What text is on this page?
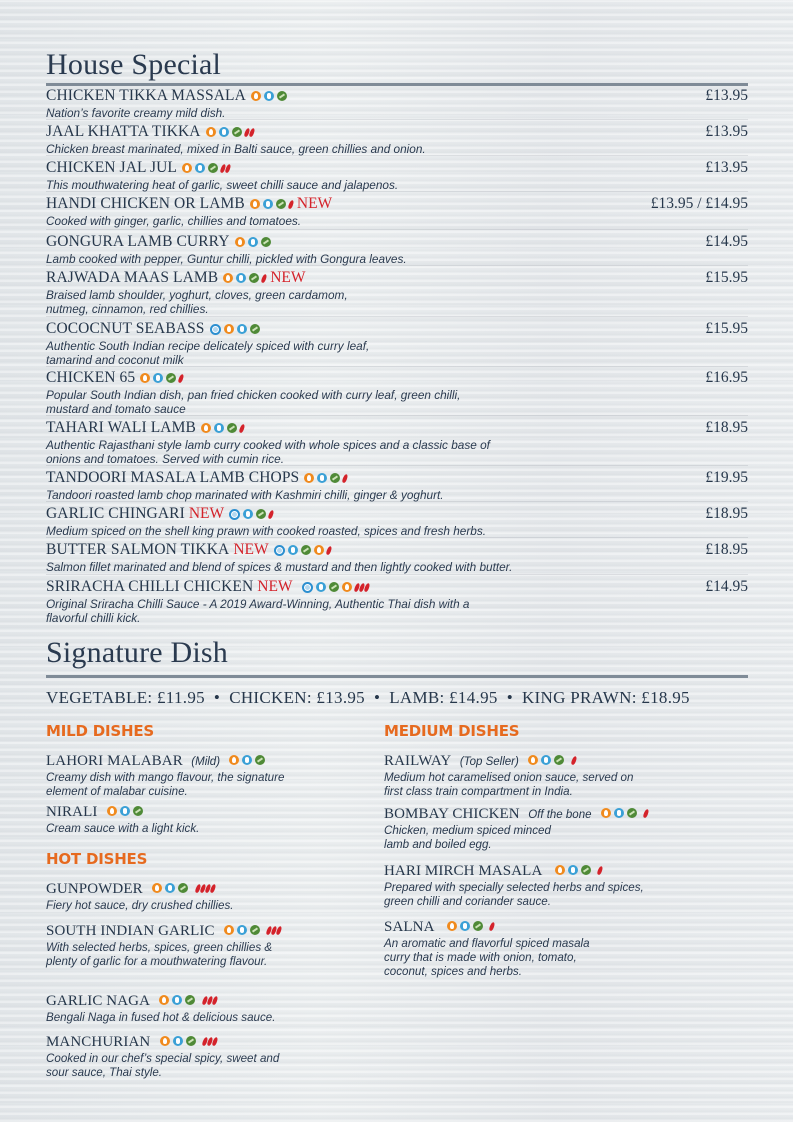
House Special
CHICKEN TIKKA MASSALA	£13.95
Nation’s favorite creamy mild dish.
JAAL KHATTA TIKKA	£13.95
Chicken breast marinated, mixed in Balti sauce, green chillies and onion.
CHICKEN JAL JUL	£13.95
This mouthwatering heat of garlic, sweet chilli sauce and jalapenos.
HANDI CHICKEN OR LAMB	NEW	£13.95 / £14.95
Cooked with ginger, garlic, chillies and tomatoes.
GONGURA LAMB CURRY	£14.95
Lamb cooked with pepper, Guntur chilli, pickled with Gongura leaves.
RAJWADA MAAS LAMB	NEW	£15.95
Braised lamb shoulder, yoghurt, cloves, green cardamom, nutmeg, cinnamon, red chillies.
COCOCNUT SEABASS	£15.95
Authentic South Indian recipe delicately spiced with curry leaf, tamarind and coconut milk
CHICKEN 65	£16.95
Popular South Indian dish, pan fried chicken cooked with curry leaf, green chilli, mustard and tomato sauce
TAHARI WALI LAMB	£18.95
Authentic Rajasthani style lamb curry cooked with whole spices and a classic base of onions and tomatoes. Served with cumin rice.
TANDOORI MASALA LAMB CHOPS	£19.95
Tandoori roasted lamb chop marinated with Kashmiri chilli, ginger & yoghurt.
GARLIC CHINGARI NEW	£18.95
Medium spiced on the shell king prawn with cooked roasted, spices and fresh herbs.
BUTTER SALMON TIKKA NEW	£18.95
Salmon fillet marinated and blend of spices & mustard and then lightly cooked with butter.
SRIRACHA CHILLI CHICKEN NEW	£14.95
Original Sriracha Chilli Sauce - A 2019 Award-Winning, Authentic Thai dish with a flavorful chilli kick.
Signature Dish
VEGETABLE: £11.95 • CHICKEN: £13.95 • LAMB: £14.95 • KING PRAWN: £18.95
MILD DISHES
LAHORI MALABAR (Mild)
Creamy dish with mango flavour, the signature element of malabar cuisine.
NIRALI
Cream sauce with a light kick.
HOT DISHES
GUNPOWDER

Fiery hot sauce, dry crushed chillies.
SOUTH INDIAN GARLIC

With selected herbs, spices, green chillies & plenty of garlic for a mouthwatering flavour.
GARLIC NAGA

Bengali Naga in fused hot & delicious sauce.
MANCHURIAN

Cooked in our chef’s special spicy, sweet and sour sauce, Thai style.
MEDIUM DISHES
RAILWAY (Top Seller)

Medium hot caramelised onion sauce, served on first class train compartment in India.
BOMBAY CHICKEN Off the bone

Chicken, medium spiced minced lamb and boiled egg.
HARI MIRCH MASALA

Prepared with specially selected herbs and spices, green chilli and coriander sauce.
SALNA

An aromatic and flavorful spiced masala curry that is made with onion, tomato, coconut, spices and herbs.
